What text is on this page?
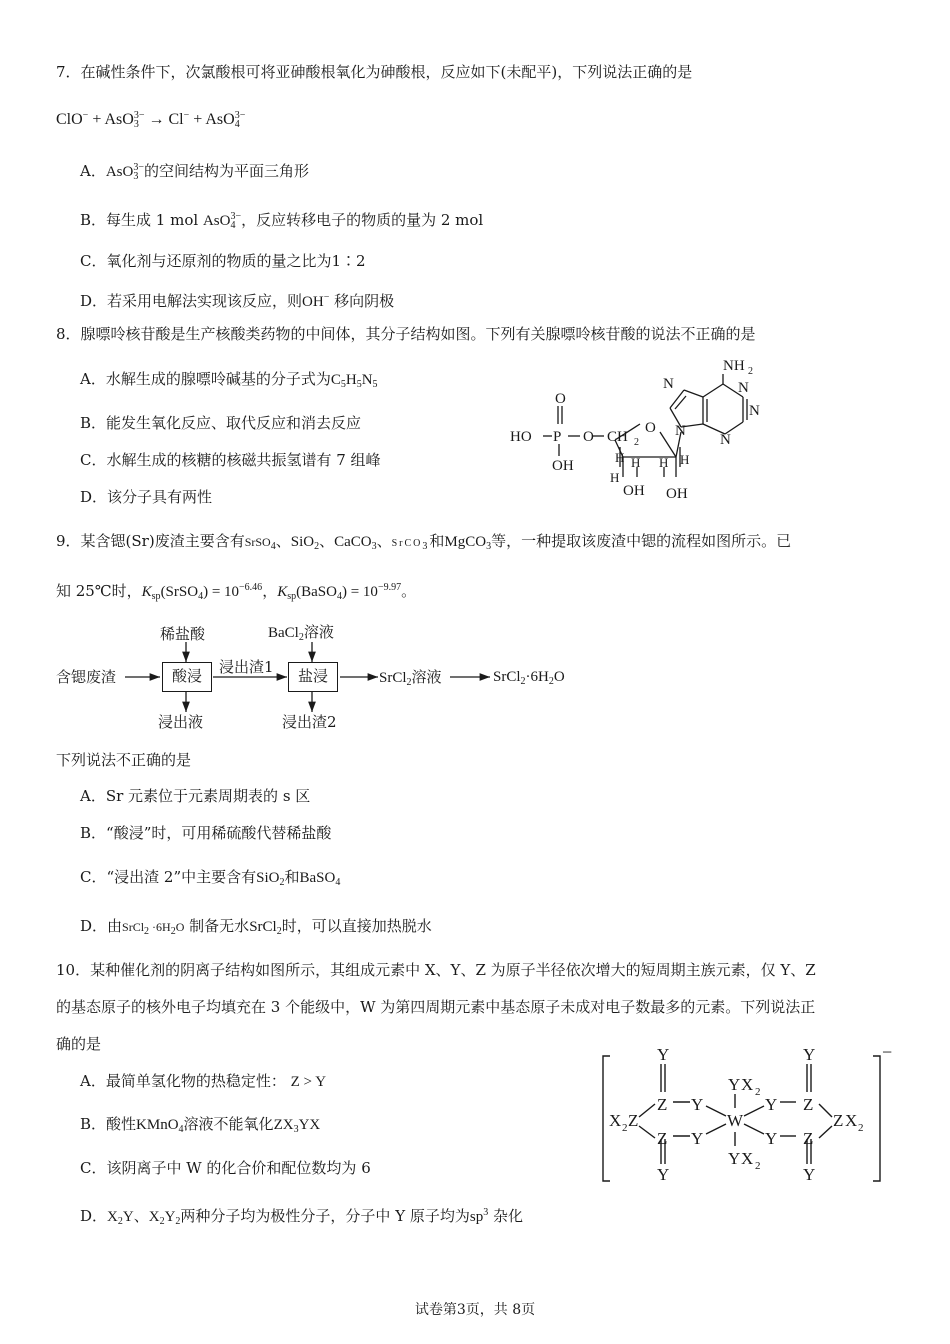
7．在碱性条件下，次氯酸根可将亚砷酸根氧化为砷酸根，反应如下(未配平)，下列说法正确的是
ClO− + AsO$_3^{3-}$ → Cl− + AsO$_4^{3-}$
A．AsO$_3^{3-}$的空间结构为平面三角形
B．每生成 1 mol AsO$_4^{3-}$，反应转移电子的物质的量为 2 mol
C．氧化剂与还原剂的物质的量之比为1∶2
D．若采用电解法实现该反应，则OH− 移向阴极
8．腺嘌呤核苷酸是生产核酸类药物的中间体，其分子结构如图。下列有关腺嘌呤核苷酸的说法不正确的是
A．水解生成的腺嘌呤碱基的分子式为$C_5H_5N_5$
B．能发生氧化反应、取代反应和消去反应
C．水解生成的核糖的核磁共振氢谱有 7 组峰
D．该分子具有两性
NH 2
N	N
N
N
N
O
HO P O CH 2
O
OH
H	H
H H
H
OH OH
9．某含锶(Sr)废渣主要含有SrSO$_4$、SiO$_2$、CaCO$_3$、SrCO$_3$和MgCO$_3$等，一种提取该废渣中锶的流程如图所示。已
知 25℃时，$K_{sp}(SrSO_4) = 10^{-6.46}$，$K_{sp}(BaSO_4) = 10^{-9.97}$。
含锶废渣
稀盐酸
酸浸
浸出液
浸出渣1
BaCl$_2$溶液
盐浸
浸出渣2
SrCl$_2$溶液	$SrCl_2\cdot 6H_2O$
下列说法不正确的是
A．Sr 元素位于元素周期表的 s 区
B．“酸浸”时，可用稀硫酸代替稀盐酸
C．“浸出渣 2”中主要含有SiO$_2$和BaSO$_4$
D．由SrCl$_2$ $\cdot 6H_2O$ 制备无水SrCl$_2$时，可以直接加热脱水
10．某种催化剂的阴离子结构如图所示，其组成元素中 X、Y、Z 为原子半径依次增大的短周期主族元素，仅 Y、Z
的基态原子的核外电子均填充在 3 个能级中，W 为第四周期元素中基态原子未成对电子数最多的元素。下列说法正
确的是
A．最简单氢化物的热稳定性： Z > Y
B．酸性KMnO$_4$溶液不能氧化$ZX_3YX$
C．该阴离子中 W 的化合价和配位数均为 6
D．$X_2Y$、$X_2Y_2$两种分子均为极性分子，分子中 Y 原子均为$sp^3$ 杂化
Y
Z Y
Z Y
Y
X 2 Z	W
Y X 2
Y X 2
Y
Y
Y
Z
Z
Y
Z X 2
−
试卷第3页，共 8页
